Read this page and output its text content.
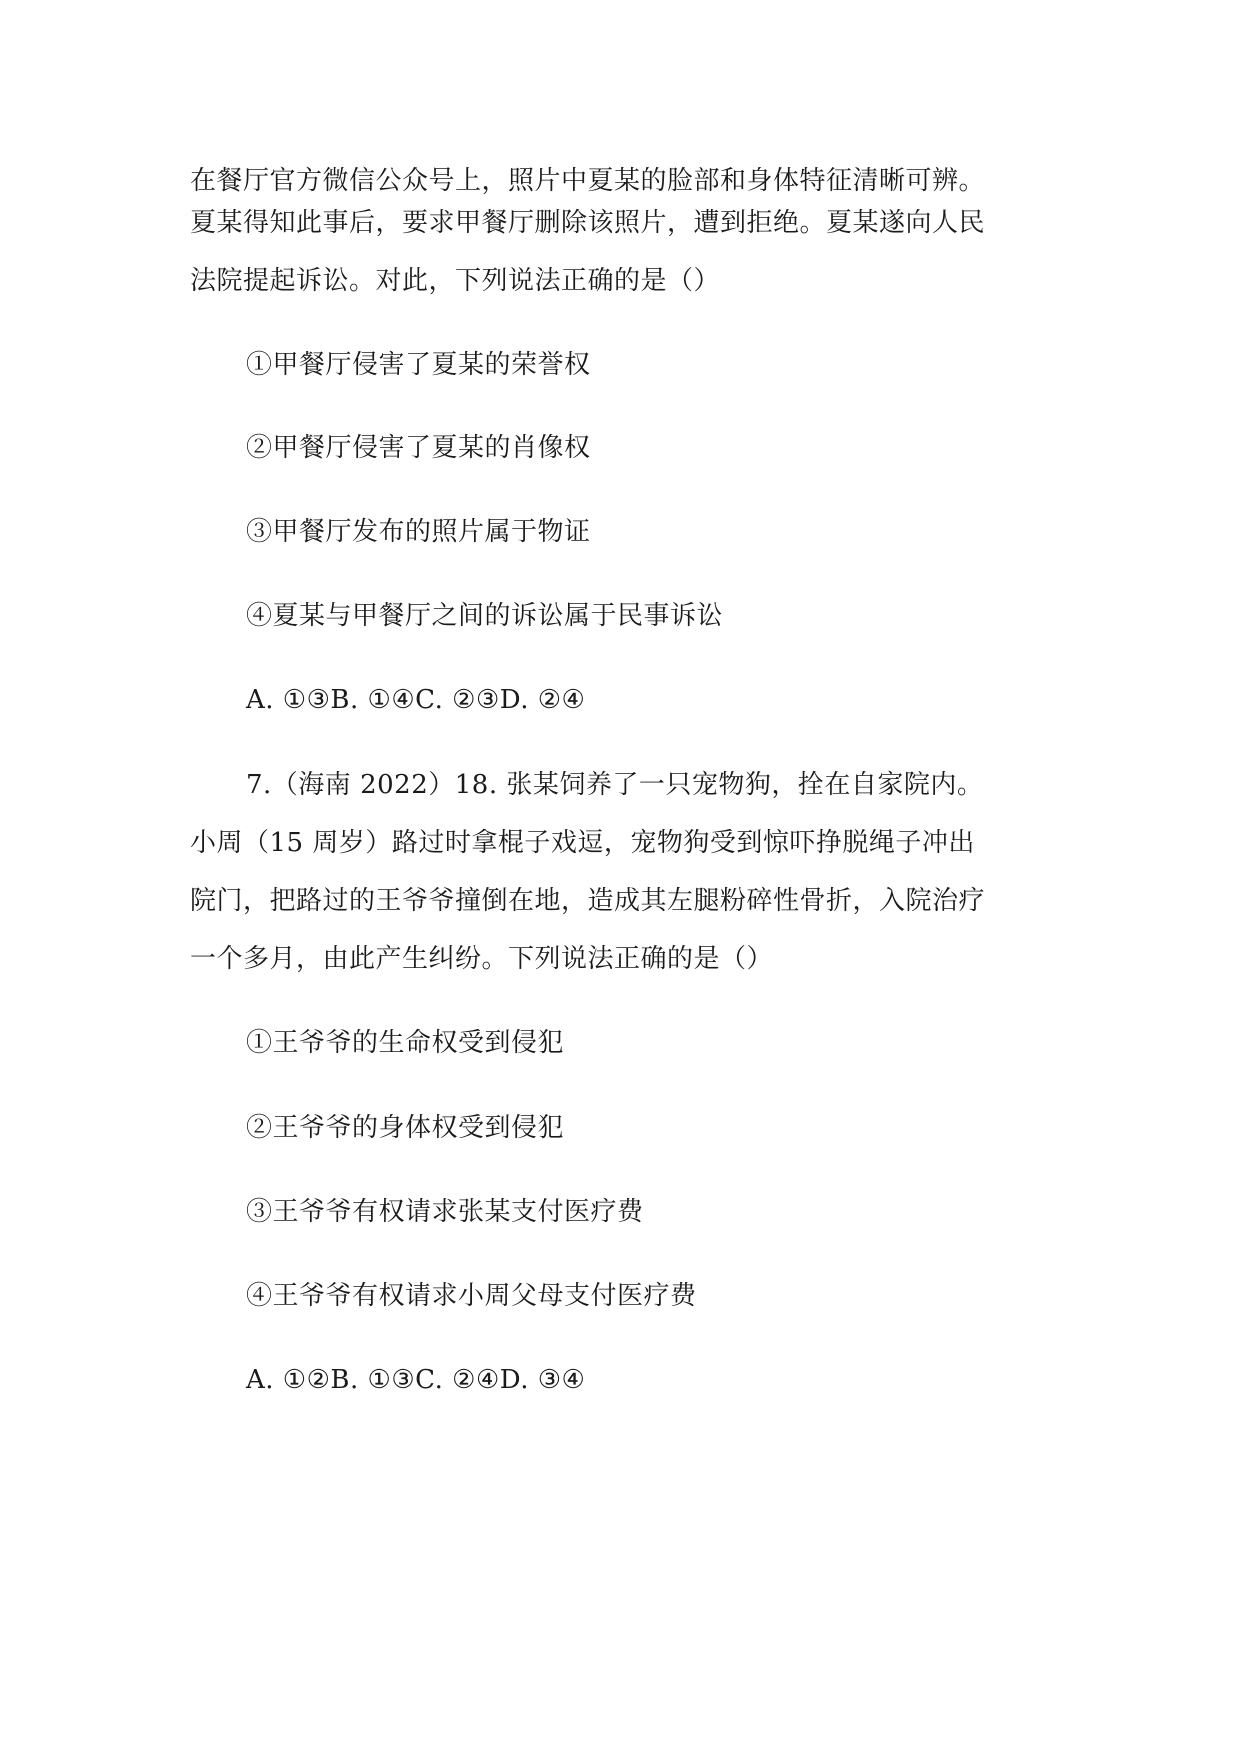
在餐厅官方微信公众号上，照片中夏某的脸部和身体特征清晰可辨。
夏某得知此事后，要求甲餐厅删除该照片，遭到拒绝。夏某遂向人民
法院提起诉讼。对此，下列说法正确的是（）
①甲餐厅侵害了夏某的荣誉权
②甲餐厅侵害了夏某的肖像权
③甲餐厅发布的照片属于物证
④夏某与甲餐厅之间的诉讼属于民事诉讼
A. ①③B. ①④C. ②③D. ②④
7.（海南 2022）18. 张某饲养了一只宠物狗，拴在自家院内。
小周（15 周岁）路过时拿棍子戏逗，宠物狗受到惊吓挣脱绳子冲出
院门，把路过的王爷爷撞倒在地，造成其左腿粉碎性骨折，入院治疗
一个多月，由此产生纠纷。下列说法正确的是（）
①王爷爷的生命权受到侵犯
②王爷爷的身体权受到侵犯
③王爷爷有权请求张某支付医疗费
④王爷爷有权请求小周父母支付医疗费
A. ①②B. ①③C. ②④D. ③④
